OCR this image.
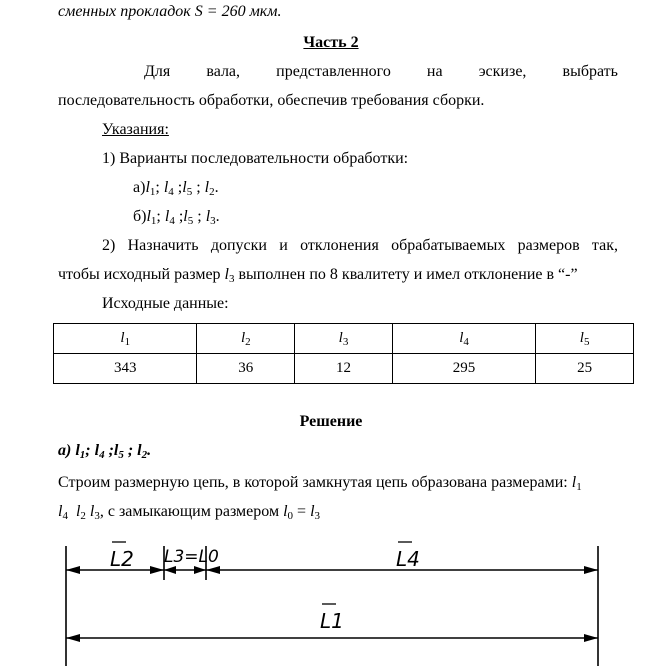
сменных прокладок S = 260 мкм.
Часть 2
Для вала, представленного на эскизе, выбрать
последовательность обработки, обеспечив требования сборки.
Указания:
1) Варианты последовательности обработки:
$а)l_1$; $l_4$ $;l_5$ ; $l_2$.
$б)l_1$; $l_4$ $;l_5$ ; $l_3$.
2) Назначить допуски и отклонения обрабатываемых размеров так,
чтобы исходный размер $l_3$ выполнен по 8 квалитету и имел отклонение в “-”
Исходные данные:
$l_1$	$l_2$	$l_3$	$l_4$	$l_5$
343	36	12	295	25
Решение
а) $l_1$; $l_4$ $;l_5$ ; $l_2$.
Строим размерную цепь, в которой замкнутая цепь образована размерами: $l_1$
$l_4$ $l_2$ $l_3$, с замыкающим размером $l_0 = l_3$
L2 L3=L0	L4
L1
